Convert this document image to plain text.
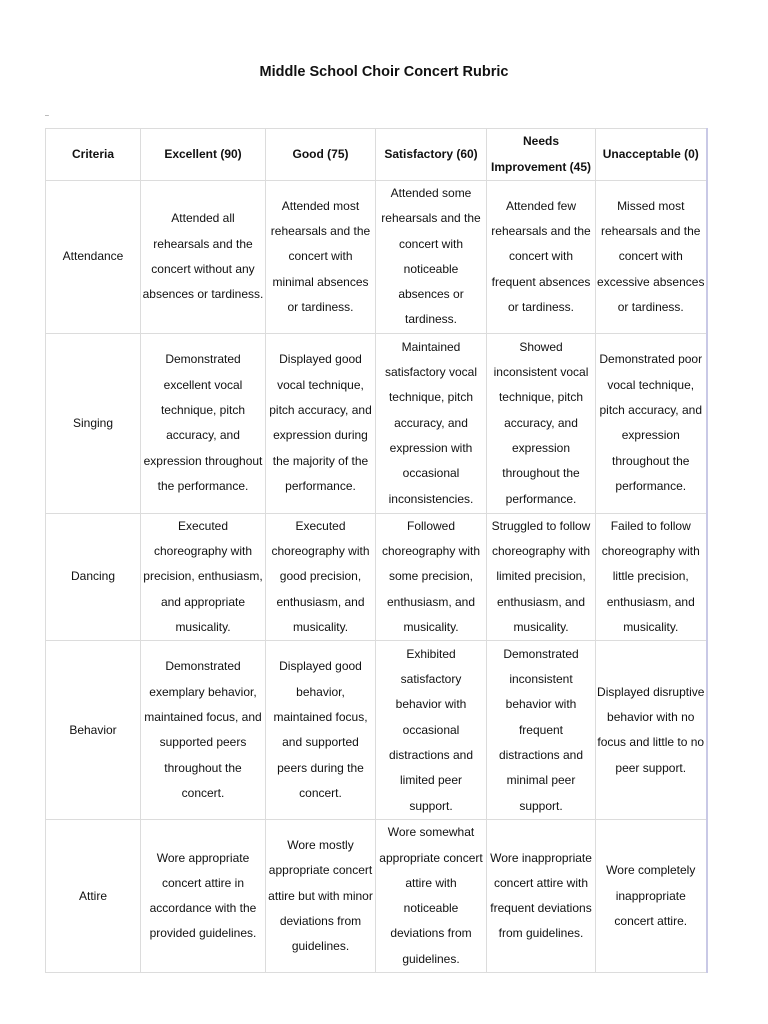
Middle School Choir Concert Rubric
–
Criteria	Excellent (90)	Good (75)	Satisfactory (60)	Needs Improvement (45)	Unacceptable (0)
Attendance	Attended all rehearsals and the concert without any absences or tardiness.	Attended most rehearsals and the concert with minimal absences or tardiness.	Attended some rehearsals and the concert with noticeable absences or tardiness.	Attended few rehearsals and the concert with frequent absences or tardiness.	Missed most rehearsals and the concert with excessive absences or tardiness.
Singing	Demonstrated excellent vocal technique, pitch accuracy, and expression throughout the performance.	Displayed good vocal technique, pitch accuracy, and expression during the majority of the performance.	Maintained satisfactory vocal technique, pitch accuracy, and expression with occasional inconsistencies.	Showed inconsistent vocal technique, pitch accuracy, and expression throughout the performance.	Demonstrated poor vocal technique, pitch accuracy, and expression throughout the performance.
Dancing	Executed choreography with precision, enthusiasm, and appropriate musicality.	Executed choreography with good precision, enthusiasm, and musicality.	Followed choreography with some precision, enthusiasm, and musicality.	Struggled to follow choreography with limited precision, enthusiasm, and musicality.	Failed to follow choreography with little precision, enthusiasm, and musicality.
Behavior	Demonstrated exemplary behavior, maintained focus, and supported peers throughout the concert.	Displayed good behavior, maintained focus, and supported peers during the concert.	Exhibited satisfactory behavior with occasional distractions and limited peer support.	Demonstrated inconsistent behavior with frequent distractions and minimal peer support.	Displayed disruptive behavior with no focus and little to no peer support.
Attire	Wore appropriate concert attire in accordance with the provided guidelines.	Wore mostly appropriate concert attire but with minor deviations from guidelines.	Wore somewhat appropriate concert attire with noticeable deviations from guidelines.	Wore inappropriate concert attire with frequent deviations from guidelines.	Wore completely inappropriate concert attire.
